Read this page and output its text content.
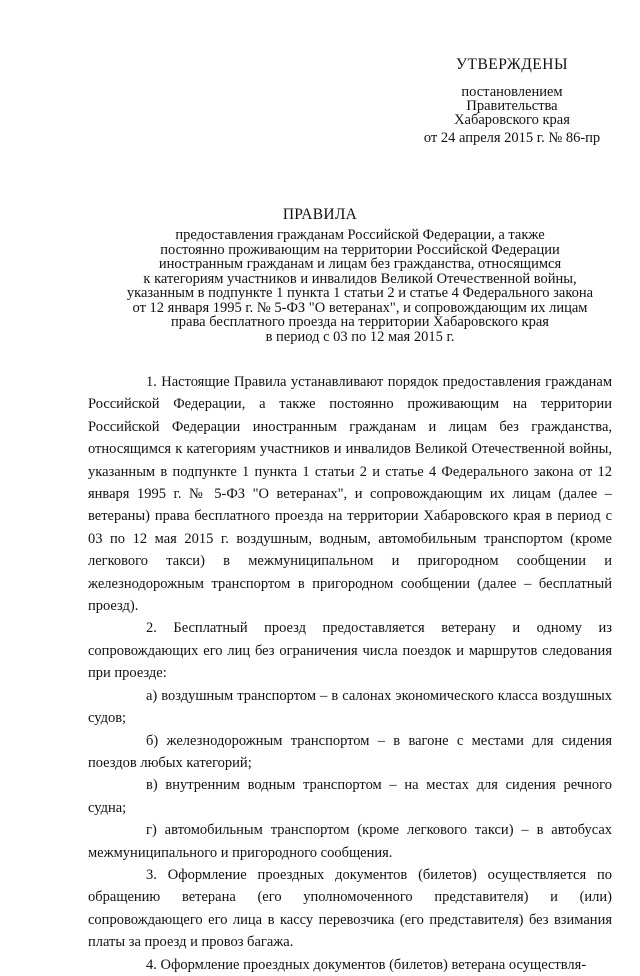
УТВЕРЖДЕНЫ
постановлением
Правительства
Хабаровского края
от 24 апреля 2015 г. № 86-пр
ПРАВИЛА
предоставления гражданам Российской Федерации, а также
постоянно проживающим на территории Российской Федерации
иностранным гражданам и лицам без гражданства, относящимся
к категориям участников и инвалидов Великой Отечественной войны,
указанным в подпункте 1 пункта 1 статьи 2 и статье 4 Федерального закона
от 12 января 1995 г. № 5-ФЗ "О ветеранах", и сопровождающим их лицам
права бесплатного проезда на территории Хабаровского края
в период с 03 по 12 мая 2015 г.

1. Настоящие Правила устанавливают порядок предоставления гражданам Российской Федерации, а также постоянно проживающим на территории Российской Федерации иностранным гражданам и лицам без гражданства, относящимся к категориям участников и инвалидов Великой Отечественной войны, указанным в подпункте 1 пункта 1 статьи 2 и статье 4 Федерального закона от 12 января 1995 г. № 5-ФЗ "О ветеранах", и сопровождающим их лицам (далее – ветераны) права бесплатного проезда на территории Хабаровского края в период с 03 по 12 мая 2015 г. воздушным, водным, автомобильным транспортом (кроме легкового такси) в межмуниципальном и пригородном сообщении и железнодорожным транспортом в пригородном сообщении (далее – бесплатный проезд).

2. Бесплатный проезд предоставляется ветерану и одному из сопровождающих его лиц без ограничения числа поездок и маршрутов следования при проезде:

а) воздушным транспортом – в салонах экономического класса воздушных судов;

б) железнодорожным транспортом – в вагоне с местами для сидения поездов любых категорий;

в) внутренним водным транспортом – на местах для сидения речного судна;

г) автомобильным транспортом (кроме легкового такси) – в автобусах межмуниципального и пригородного сообщения.

3. Оформление проездных документов (билетов) осуществляется по обращению ветерана (его уполномоченного представителя) и (или) сопровождающего его лица в кассу перевозчика (его представителя) без взимания платы за проезд и провоз багажа.

4. Оформление проездных документов (билетов) ветерана осуществля-
